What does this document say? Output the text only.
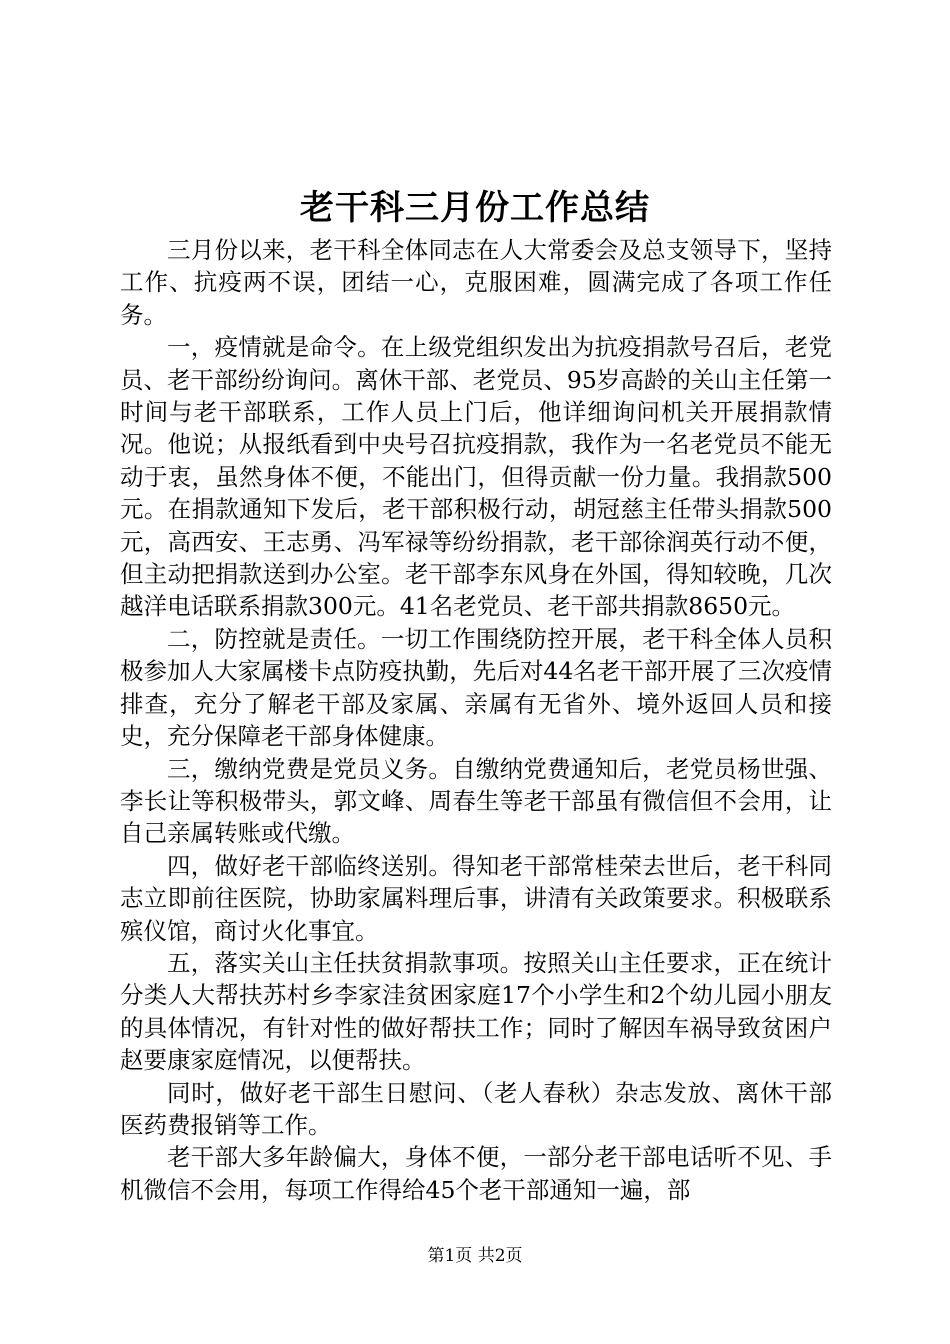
老干科三月份工作总结

三月份以来，老干科全体同志在人大常委会及总支领导下，坚持工作、抗疫两不误，团结一心，克服困难，圆满完成了各项工作任务。

一，疫情就是命令。在上级党组织发出为抗疫捐款号召后，老党员、老干部纷纷询问。离休干部、老党员、95岁高龄的关山主任第一时间与老干部联系，工作人员上门后，他详细询问机关开展捐款情况。他说；从报纸看到中央号召抗疫捐款，我作为一名老党员不能无动于衷，虽然身体不便，不能出门，但得贡献一份力量。我捐款500元。在捐款通知下发后，老干部积极行动，胡冠慈主任带头捐款500元，高西安、王志勇、冯军禄等纷纷捐款，老干部徐润英行动不便，但主动把捐款送到办公室。老干部李东风身在外国，得知较晚，几次越洋电话联系捐款300元。41名老党员、老干部共捐款8650元。

二，防控就是责任。一切工作围绕防控开展，老干科全体人员积极参加人大家属楼卡点防疫执勤，先后对44名老干部开展了三次疫情排查，充分了解老干部及家属、亲属有无省外、境外返回人员和接史，充分保障老干部身体健康。

三，缴纳党费是党员义务。自缴纳党费通知后，老党员杨世强、李长让等积极带头，郭文峰、周春生等老干部虽有微信但不会用，让自己亲属转账或代缴。

四，做好老干部临终送别。得知老干部常桂荣去世后，老干科同志立即前往医院，协助家属料理后事，讲清有关政策要求。积极联系殡仪馆，商讨火化事宜。

五，落实关山主任扶贫捐款事项。按照关山主任要求，正在统计分类人大帮扶苏村乡李家洼贫困家庭17个小学生和2个幼儿园小朋友的具体情况，有针对性的做好帮扶工作；同时了解因车祸导致贫困户赵要康家庭情况，以便帮扶。

同时，做好老干部生日慰问、（老人春秋）杂志发放、离休干部医药费报销等工作。

老干部大多年龄偏大，身体不便，一部分老干部电话听不见、手机微信不会用，每项工作得给45个老干部通知一遍，部

第1页 共2页
